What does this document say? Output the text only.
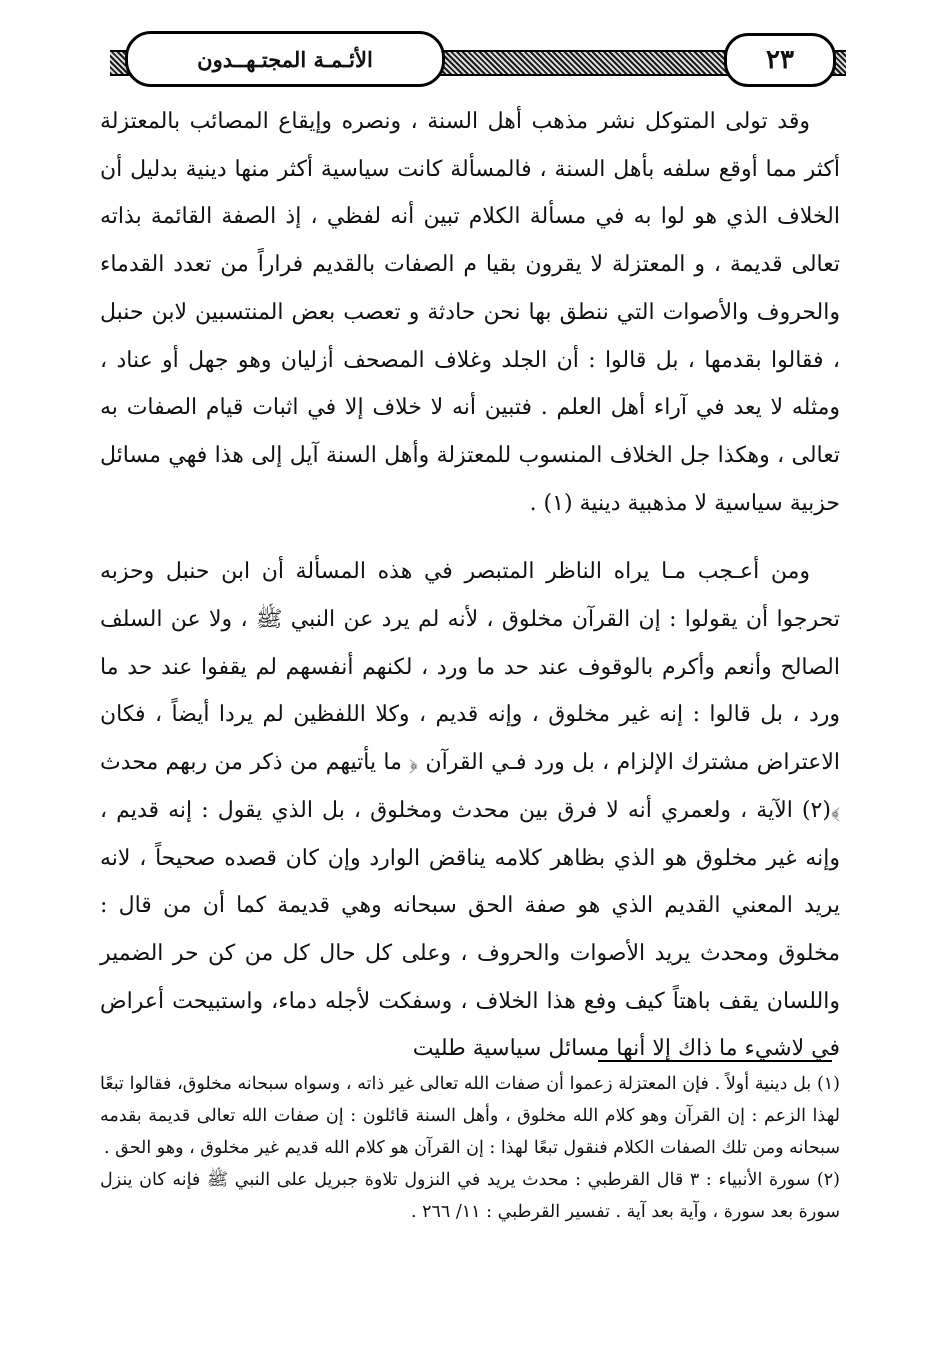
٢٣
الأئـمـة المجتـهــدون

وقد تولى المتوكل نشر مذهب أهل السنة ، ونصره وإيقاع المصائب بالمعتزلة أكثر مما أوقع سلفه بأهل السنة ، فالمسألة كانت سياسية أكثر منها دينية بدليل أن الخلاف الذي هو لوا به في مسألة الكلام تبين أنه لفظي ، إذ الصفة القائمة بذاته تعالى قديمة ، و المعتزلة لا يقرون بقيا م الصفات بالقديم فراراً من تعدد القدماء والحروف والأصوات التي ننطق بها نحن حادثة و تعصب بعض المنتسبين لابن حنبل ، فقالوا بقدمها ، بل قالوا : أن الجلد وغلاف المصحف أزليان وهو جهل أو عناد ، ومثله لا يعد في آراء أهل العلم . فتبين أنه لا خلاف إلا في اثبات قيام الصفات به تعالى ، وهكذا جل الخلاف المنسوب للمعتزلة وأهل السنة آيل إلى هذا فهي مسائل حزبية سياسية لا مذهبية دينية (١) .

ومن أعـجب مـا يراه الناظر المتبصر في هذه المسألة أن ابن حنبل وحزبه تحرجوا أن يقولوا : إن القرآن مخلوق ، لأنه لم يرد عن النبي ﷺ ، ولا عن السلف الصالح وأنعم وأكرم بالوقوف عند حد ما ورد ، لكنهم أنفسهم لم يقفوا عند حد ما ورد ، بل قالوا : إنه غير مخلوق ، وإنه قديم ، وكلا اللفظين لم يردا أيضاً ، فكان الاعتراض مشترك الإلزام ، بل ورد فـي القرآن ﴿ ما يأتيهم من ذكر من ربهم محدث ﴾(٢) الآية ، ولعمري أنه لا فرق بين محدث ومخلوق ، بل الذي يقول : إنه قديم ، وإنه غير مخلوق هو الذي بظاهر كلامه يناقض الوارد وإن كان قصده صحيحاً ، لانه يريد المعني القديم الذي هو صفة الحق سبحانه وهي قديمة كما أن من قال : مخلوق ومحدث يريد الأصوات والحروف ، وعلى كل حال كل من كن حر الضمير واللسان يقف باهتاً كيف وفع هذا الخلاف ، وسفكت لأجله دماء، واستبيحت أعراض في لاشيء ما ذاك إلا أنها مسائل سياسية طليت

(١) بل دينية أولاً . فإن المعتزلة زعموا أن صفات الله تعالى غير ذاته ، وسواه سبحانه مخلوق، فقالوا تبعًا لهذا الزعم : إن القرآن وهو كلام الله مخلوق ، وأهل السنة قائلون : إن صفات الله تعالى قديمة بقدمه سبحانه ومن تلك الصفات الكلام فنقول تبعًا لهذا : إن القرآن هو كلام الله قديم غير مخلوق ، وهو الحق .

(٢) سورة الأنبياء : ٣ قال القرطبي : محدث يريد في النزول تلاوة جبريل على النبي ﷺ فإنه كان ينزل سورة بعد سورة ، وآية بعد آية . تفسير القرطبي : ١١/ ٢٦٦ .
